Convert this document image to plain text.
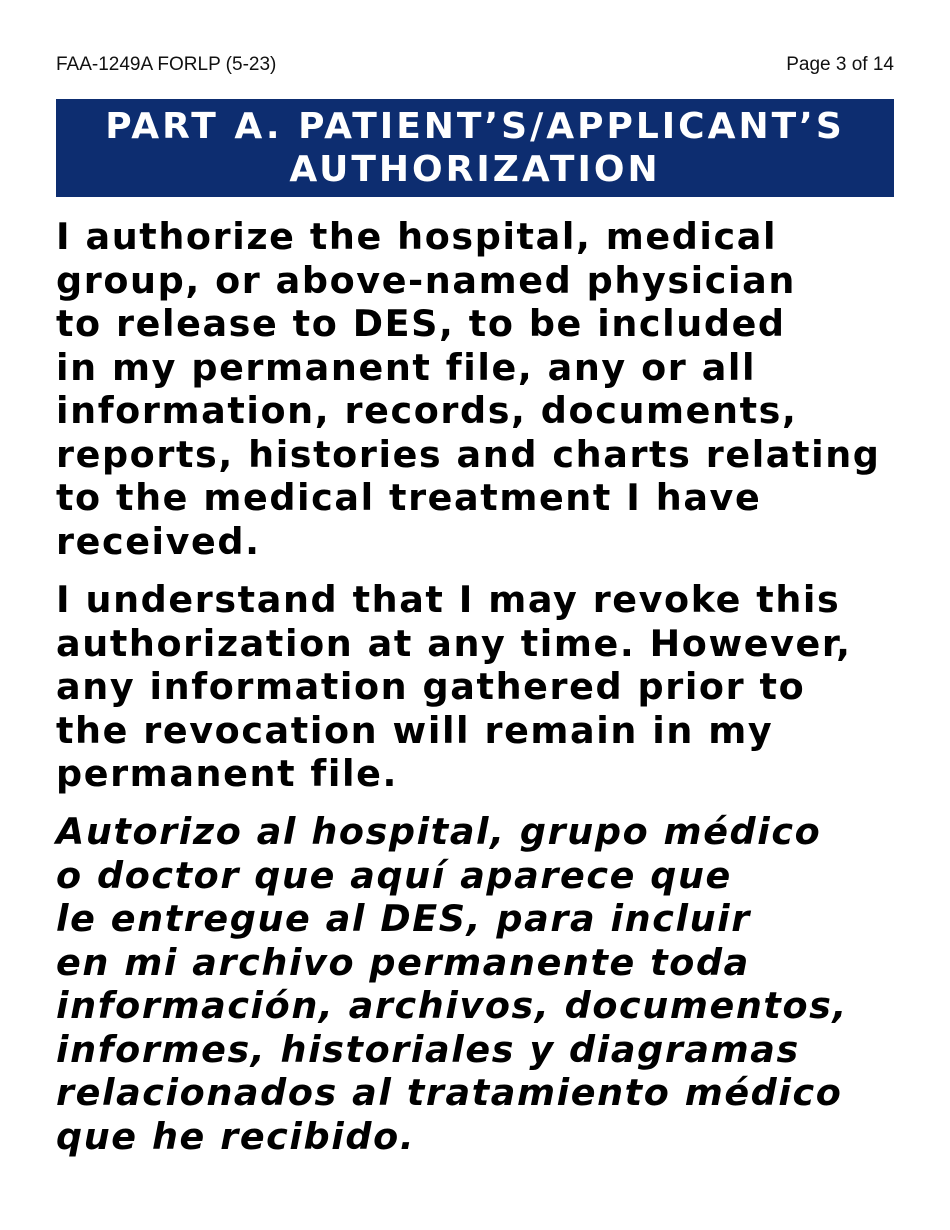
FAA-1249A FORLP (5-23)	Page 3 of 14
PART A. PATIENT’S/APPLICANT’S
AUTHORIZATION

I authorize the hospital, medical
group, or above-named physician
to release to DES, to be included
in my permanent file, any or all
information, records, documents,
reports, histories and charts relating
to the medical treatment I have
received.

I understand that I may revoke this
authorization at any time. However,
any information gathered prior to
the revocation will remain in my
permanent file.

Autorizo al hospital, grupo médico
o doctor que aquí aparece que
le entregue al DES, para incluir
en mi archivo permanente toda
información, archivos, documentos,
informes, historiales y diagramas
relacionados al tratamiento médico
que he recibido.
